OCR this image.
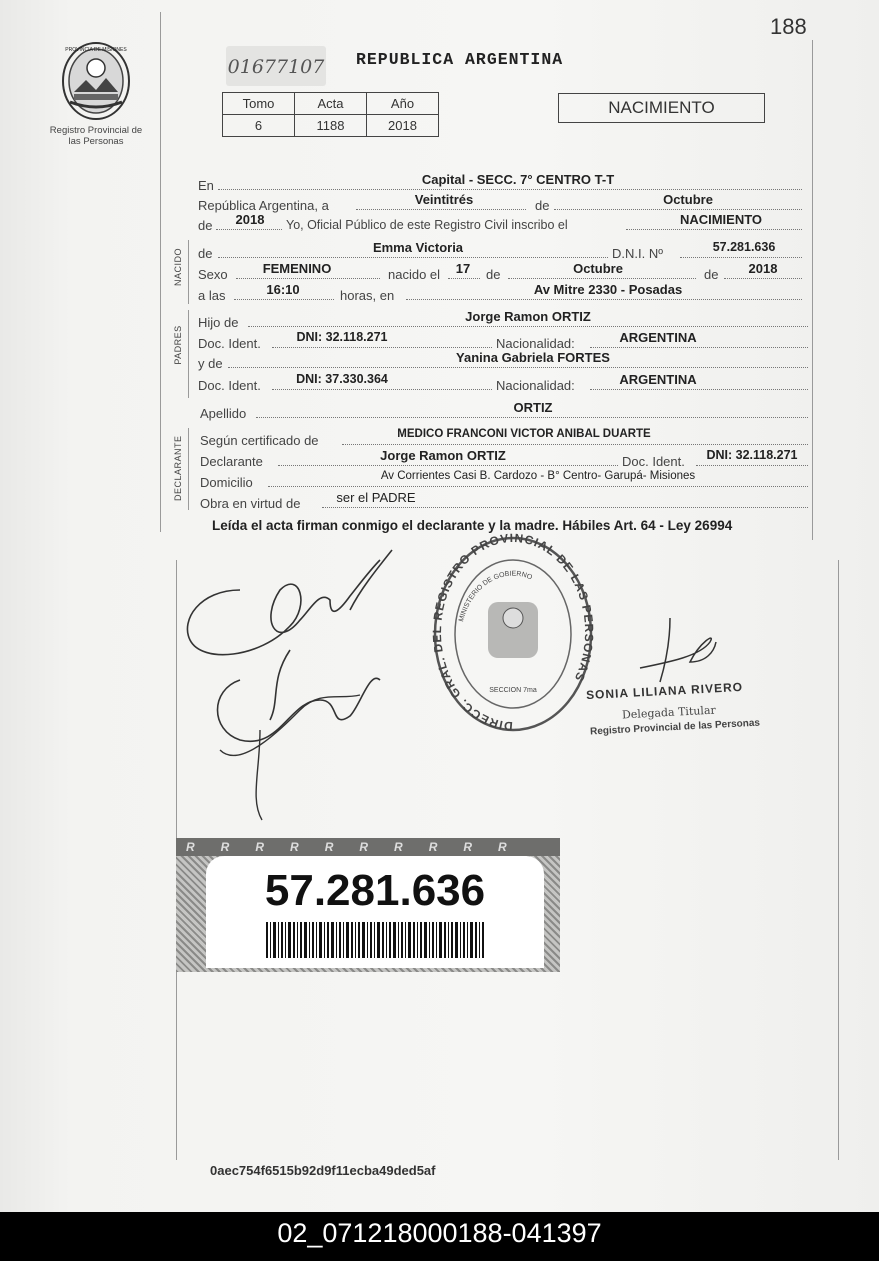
188
PROVINCIA DE MISIONES
Registro Provincial de las Personas
01677107 REPUBLICA ARGENTINA
Tomo	Acta	Año
6	1188	2018
NACIMIENTO
En	Capital - SECC. 7° CENTRO T-T
República Argentina, a	Veintitrés	de	Octubre
de	2018	Yo, Oficial Público de este Registro Civil inscribo el	NACIMIENTO
NACIDO de	Emma Victoria	D.N.I. Nº	57.281.636
Sexo	FEMENINO	nacido el	17	de	Octubre	de	2018
a las	16:10	horas, en	Av Mitre 2330 - Posadas
PADRES
Hijo de	Jorge Ramon ORTIZ
Doc. Ident.	DNI: 32.118.271	Nacionalidad:	ARGENTINA
y de	Yanina Gabriela FORTES
Doc. Ident.	DNI: 37.330.364	Nacionalidad:	ARGENTINA
Apellido	ORTIZ
DECLARANTE Según certificado de	MEDICO FRANCONI VICTOR ANIBAL DUARTE
Declarante	Jorge Ramon ORTIZ	Doc. Ident.	DNI: 32.118.271
Domicilio	Av Corrientes Casi B. Cardozo - B° Centro- Garupá- Misiones
Obra en virtud de	ser el PADRE
Leída el acta firman conmigo el declarante y la madre. Hábiles Art. 64 - Ley 26994
DIRECC. GRAL. DEL REGISTRO PROVINCIAL DE LAS PERSONAS
MINISTERIO DE GOBIERNO
SECCION 7ma	SONIA LILIANA RIVERO
Delegada Titular
Registro Provincial de las Personas
RRRRRRRRRR
57.281.636
0aec754f6515b92d9f11ecba49ded5af
02_071218000188-041397
